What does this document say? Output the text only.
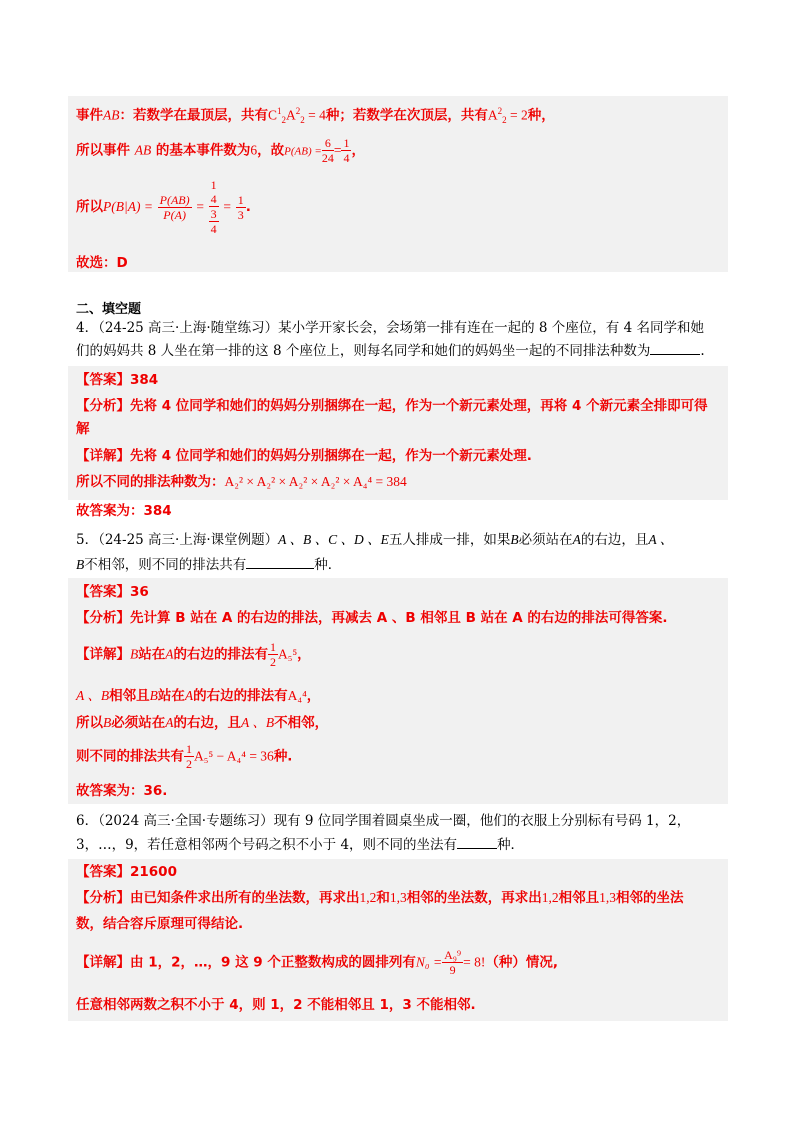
事件AB：若数学在最顶层，共有$C^1_2A^2_2 = 4$种；若数学在次顶层，共有$A^2_2 = 2$种，
所以事件 AB 的基本事件数为6，故$P(AB) = \frac{6}{24} = \frac{1}{4}$ ，
所以$P(B|A) = \frac{P(AB)}{P(A)}$ =
1
4
3
4
= $\frac{1}{3}$ .
故选：D
二、填空题
4．（24-25 高三·上海·随堂练习）某小学开家长会，会场第一排有连在一起的 8 个座位，有 4 名同学和她
们的妈妈共 8 人坐在第一排的这 8 个座位上，则每名同学和她们的妈妈坐一起的不同排法种数为	.
【答案】384
【分析】先将 4 位同学和她们的妈妈分别捆绑在一起，作为一个新元素处理，再将 4 个新元素全排即可得
解
【详解】先将 4 位同学和她们的妈妈分别捆绑在一起，作为一个新元素处理.
所以不同的排法种数为：A₂² × A₂² × A₂² × A₂² × A₄⁴ = 384
故答案为：384
5．（24-25 高三·上海·课堂例题）A 、B 、C 、D 、E五人排成一排，如果B必须站在A的右边，且A 、
B不相邻，则不同的排法共有	种．
【答案】36
【分析】先计算 B 站在 A 的右边的排法，再减去 A 、B 相邻且 B 站在 A 的右边的排法可得答案.
【详解】B站在A的右边的排法有 $\frac{1}{2} A_5^5$，
A 、B相邻且B站在A的右边的排法有A₄⁴，
所以B必须站在A的右边，且A 、B不相邻，
则不同的排法共有 $\frac{1}{2} A_5^5 - A_4^4 = 36$种.
故答案为：36.
6．（2024 高三·全国·专题练习）现有 9 位同学围着圆桌坐成一圈，他们的衣服上分别标有号码 1，2，
3，…，9，若任意相邻两个号码之积不小于 4，则不同的坐法有	种．
【答案】21600
【分析】由已知条件求出所有的坐法数，再求出1,2和1,3相邻的坐法数，再求出1,2相邻且1,3相邻的坐法
数，结合容斥原理可得结论.
【详解】由 1，2，…，9 这 9 个正整数构成的圆排列有$N_0 = \frac{\text{A₉⁹}}{9} = 8$!（种）情况,
任意相邻两数之积不小于 4，则 1，2 不能相邻且 1，3 不能相邻.
